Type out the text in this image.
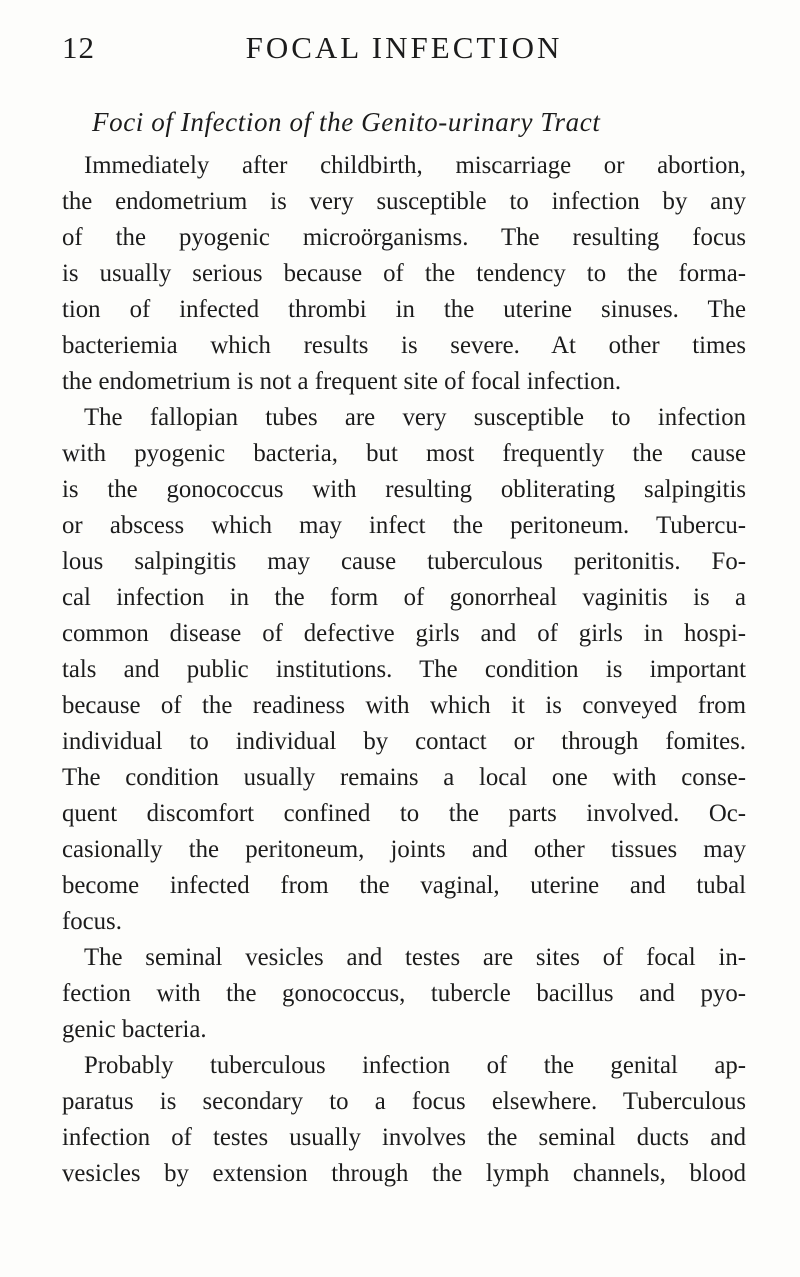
12	FOCAL INFECTION
Foci of Infection of the Genito-urinary Tract
Immediately after childbirth, miscarriage or abortion,
the endometrium is very susceptible to infection by any
of the pyogenic microörganisms. The resulting focus
is usually serious because of the tendency to the forma-
tion of infected thrombi in the uterine sinuses. The
bacteriemia which results is severe. At other times
the endometrium is not a frequent site of focal infection.
The fallopian tubes are very susceptible to infection
with pyogenic bacteria, but most frequently the cause
is the gonococcus with resulting obliterating salpingitis
or abscess which may infect the peritoneum. Tubercu-
lous salpingitis may cause tuberculous peritonitis. Fo-
cal infection in the form of gonorrheal vaginitis is a
common disease of defective girls and of girls in hospi-
tals and public institutions. The condition is important
because of the readiness with which it is conveyed from
individual to individual by contact or through fomites.
The condition usually remains a local one with conse-
quent discomfort confined to the parts involved. Oc-
casionally the peritoneum, joints and other tissues may
become infected from the vaginal, uterine and tubal
focus.
The seminal vesicles and testes are sites of focal in-
fection with the gonococcus, tubercle bacillus and pyo-
genic bacteria.
Probably tuberculous infection of the genital ap-
paratus is secondary to a focus elsewhere. Tuberculous
infection of testes usually involves the seminal ducts and
vesicles by extension through the lymph channels, blood
